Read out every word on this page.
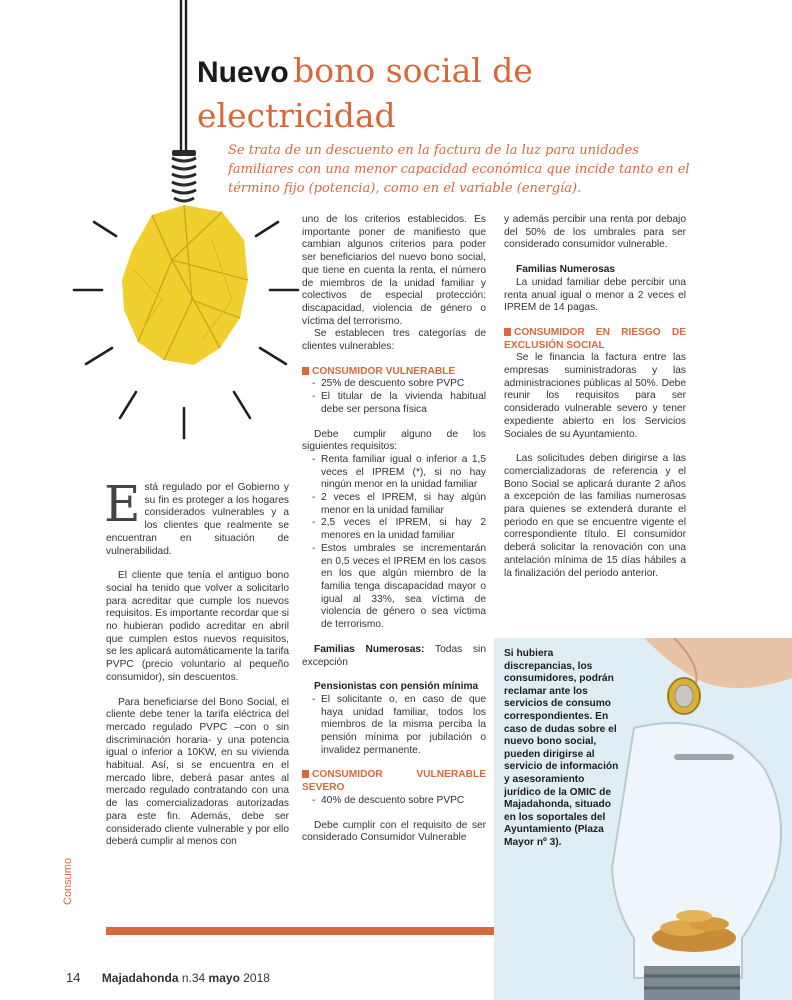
Nuevo bono social de
electricidad
Se trata de un descuento en la factura de la luz para unidades familiares con una menor capacidad económica que incide tanto en el término fijo (potencia), como en el variable (energía).

Está regulado por el Gobierno y su fin es proteger a los hogares considerados vulnerables y a los clientes que realmente se encuentran en situación de vulnerabilidad.

El cliente que tenía el antiguo bono social ha tenido que volver a solicitarlo para acreditar que cumple los nuevos requisitos. Es importante recordar que si no hubieran podido acreditar en abril que cumplen estos nuevos requisitos, se les aplicará automáticamente la tarifa PVPC (precio voluntario al pequeño consumidor), sin descuentos.

Para beneficiarse del Bono Social, el cliente debe tener la tarifa eléctrica del mercado regulado PVPC –con o sin discriminación horaria- y una potencia igual o inferior a 10KW, en su vivienda habitual. Así, si se encuentra en el mercado libre, deberá pasar antes al mercado regulado contratando con una de las comercializadoras autorizadas para este fin. Además, debe ser considerado cliente vulnerable y por ello deberá cumplir al menos con

uno de los criterios establecidos. Es importante poner de manifiesto que cambian algunos criterios para poder ser beneficiarios del nuevo bono social, que tiene en cuenta la renta, el número de miembros de la unidad familiar y colectivos de especial protección: discapacidad, violencia de género o víctima del terrorismo.

Se establecen tres categorías de clientes vulnerables:

CONSUMIDOR VULNERABLE

- 25% de descuento sobre PVPC
- El titular de la vivienda habitual debe ser persona física

Debe cumplir alguno de los siguientes requisitos:

- Renta familiar igual o inferior a 1,5 veces el IPREM (*), si no hay ningún menor en la unidad familiar
- 2 veces el IPREM, si hay algún menor en la unidad familiar
- 2,5 veces el IPREM, si hay 2 menores en la unidad familiar
- Estos umbrales se incrementarán en 0,5 veces el IPREM en los casos en los que algún miembro de la familia tenga discapacidad mayor o igual al 33%, sea víctima de violencia de género o sea víctima de terrorismo.

Familias Numerosas: Todas sin excepción

Pensionistas con pensión mínima

- El solicitante o, en caso de que haya unidad familiar, todos los miembros de la misma perciba la pensión mínima por jubilación o invalidez permanente.

CONSUMIDOR VULNERABLE SEVERO

- 40% de descuento sobre PVPC

Debe cumplir con el requisito de ser considerado Consumidor Vulnerable

y además percibir una renta por debajo del 50% de los umbrales para ser considerado consumidor vulnerable.

Familias Numerosas

La unidad familiar debe percibir una renta anual igual o menor a 2 veces el IPREM de 14 pagas.

CONSUMIDOR EN RIESGO DE EXCLUSIÓN SOCIAL

Se le financia la factura entre las empresas suministradoras y las administraciones públicas al 50%. Debe reunir los requisitos para ser considerado vulnerable severo y tener expediente abierto en los Servicios Sociales de su Ayuntamiento.

Las solicitudes deben dirigirse a las comercializadoras de referencia y el Bono Social se aplicará durante 2 años a excepción de las familias numerosas para quienes se extenderá durante el periodo en que se encuentre vigente el correspondiente título. El consumidor deberá solicitar la renovación con una antelación mínima de 15 días hábiles a la finalización del periodo anterior.

Si hubiera discrepancias, los consumidores, podrán reclamar ante los servicios de consumo correspondientes. En caso de dudas sobre el nuevo bono social, pueden dirigirse al servicio de información y asesoramiento jurídico de la OMIC de Majadahonda, situado en los soportales del Ayuntamiento (Plaza Mayor nº 3).
Consumo
14 Majadahonda n.34 mayo 2018
